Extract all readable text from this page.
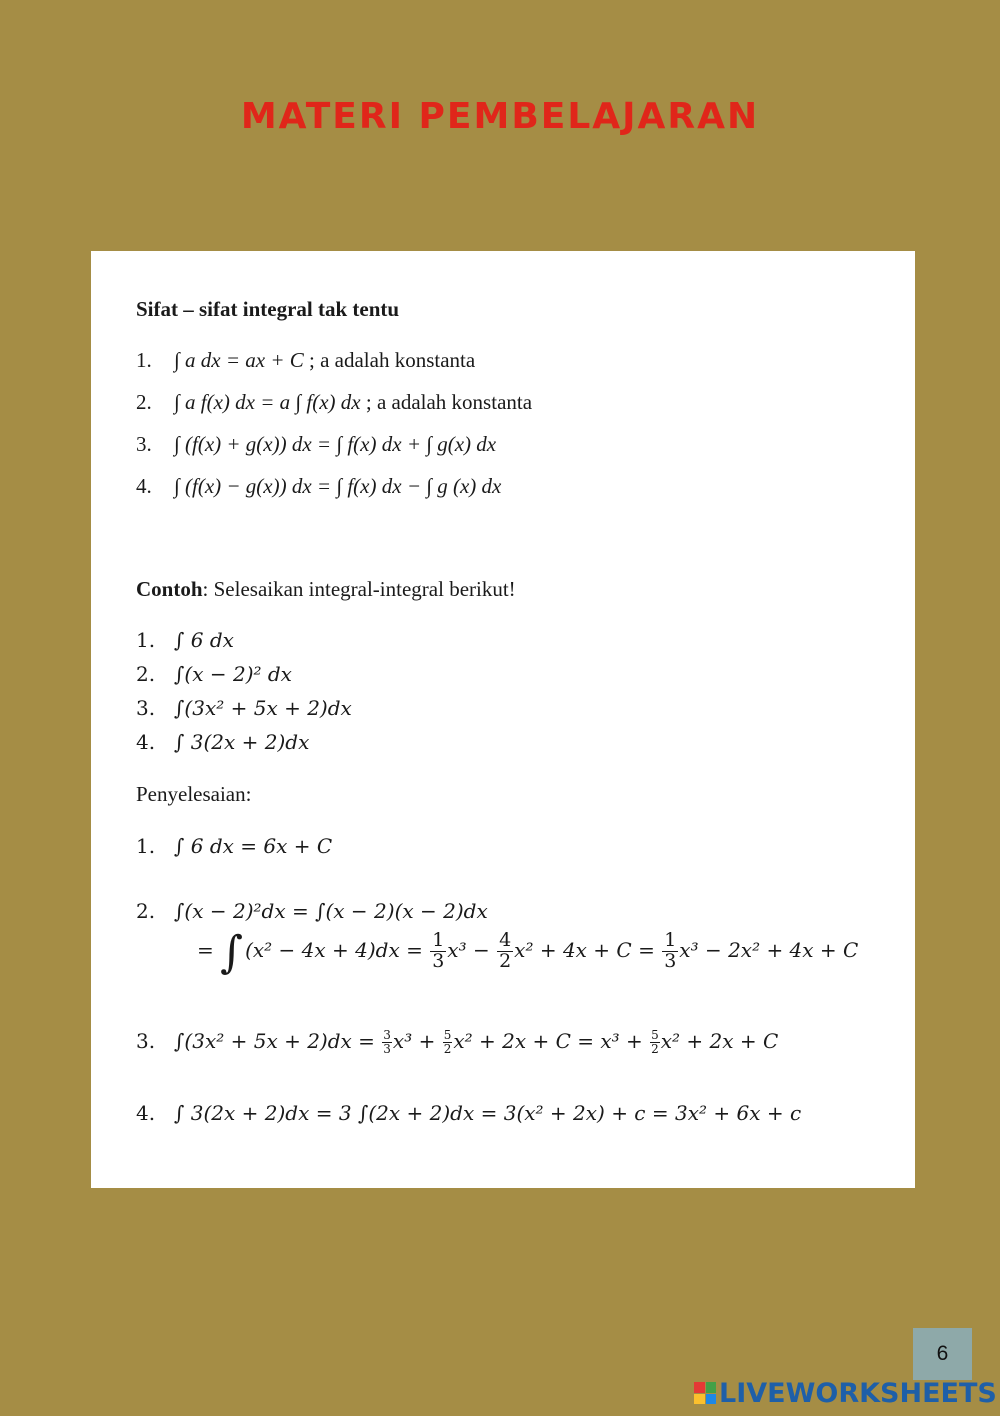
MATERI PEMBELAJARAN
Sifat – sifat integral tak tentu
1. ∫ a dx = ax + C ; a adalah konstanta
2. ∫ a f(x) dx = a ∫ f(x) dx ; a adalah konstanta
3. ∫ (f(x) + g(x)) dx = ∫ f(x) dx + ∫ g(x) dx
4. ∫ (f(x) − g(x)) dx = ∫ f(x) dx − ∫ g (x) dx
Contoh: Selesaikan integral-integral berikut!
1. ∫ 6 dx
2. ∫(x − 2)² dx
3. ∫(3x² + 5x + 2)dx
4. ∫ 3(2x + 2)dx
Penyelesaian:
1. ∫ 6 dx = 6x + C
2. ∫(x − 2)²dx = ∫(x − 2)(x − 2)dx
= ∫ $(x^2 - 4x + 4)dx = \frac{1}{3} x^3 - \frac{4}{2} x^2 + 4x + C = \frac{1}{3} x^3 - 2x^2 + 4x + C$
3. $\int(3x^2 + 5x + 2)dx = \frac{3}{3} x^3 + \frac{5}{2} x^2 + 2x + C = x^3 + \frac{5}{2} x^2 + 2x + C$
4. ∫ 3(2x + 2)dx = 3 ∫(2x + 2)dx = 3(x² + 2x) + c = 3x² + 6x + c
6
LIVEWORKSHEETS
